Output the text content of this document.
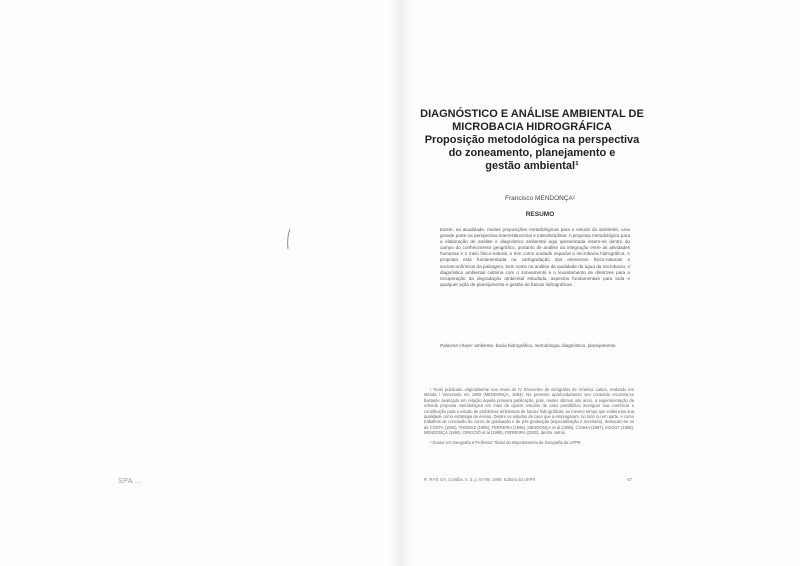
SPA ...

DIAGNÓSTICO E ANÁLISE AMBIENTAL DE

MICROBACIA HIDROGRÁFICA

Proposição metodológica na perspectiva

do zoneamento, planejamento e

gestão ambiental¹

Francisco MENDONÇA²
RESUMO

Existe, na atualidade, muitas proposições metodológicas para o estudo do ambiente, uma grande parte na perspectiva interinstitucional e interdisciplinar. A proposta metodológica para a elaboração de análise e diagnóstico ambiental aqui apresentada insere-se dentro do campo do conhecimento geográfico, portanto de análise da integração entre as atividades humanas e o meio físico-natural, e tem como unidade espacial a microbacia hidrográfica. A proposta está fundamentada na cartografação dos elementos físico-naturais e socioeconômicos da paisagem, bem como na análise da qualidade da água da microbacia; o diagnóstico ambiental culmina com o zoneamento e o levantamento de diretrizes para a recuperação da degradação ambiental estudada, aspectos fundamentais para toda e qualquer ação de planejamento e gestão de bacias hidrográficas.

Palavras-chave: ambiente, bacia hidrográfica, metodologia, diagnóstico, planejamento.

¹ Texto publicado originalmente nos Anais do IV Encuentro de Geógrafos de América Latina, realizado em Mérida / Venezuela em 1993 (MENDONÇA, 1993). No presente aprofundamento seu conteúdo encontra-se bastante avançado em relação àquela primeira publicação, pois, nestes últimos oito anos, a experimentação da referida proposta metodológica em mais de quinze estudos de caso possibilitou averiguar sua coerência e contribuição para o estudo de problemas ambientais de bacias hidrográficas, ao mesmo tempo que evidenciou sua qualidade como estratégia de ensino. Dentre os estudos de caso que a empregaram, no todo ou em parte, e como trabalhos de conclusão de curso de graduação e de pós-graduação (especialização e mestrado), destacam-se os de COSTA (1992), THOMAZ (1995), FERREIRA (1995), MENDONÇA et al (1995), CUNHA (1997), KOOUT (1998), MENDONÇA (1998), GRIGGIO et al (1999), FERREIRA (2000), dentre outros.

² Doutor em Geografia e Professor Titular do Departamento de Geografia da UFPR

R. RA'E GA, Curitiba, n. 3, p. 67-89, 1999. Editora da UFPR	67
